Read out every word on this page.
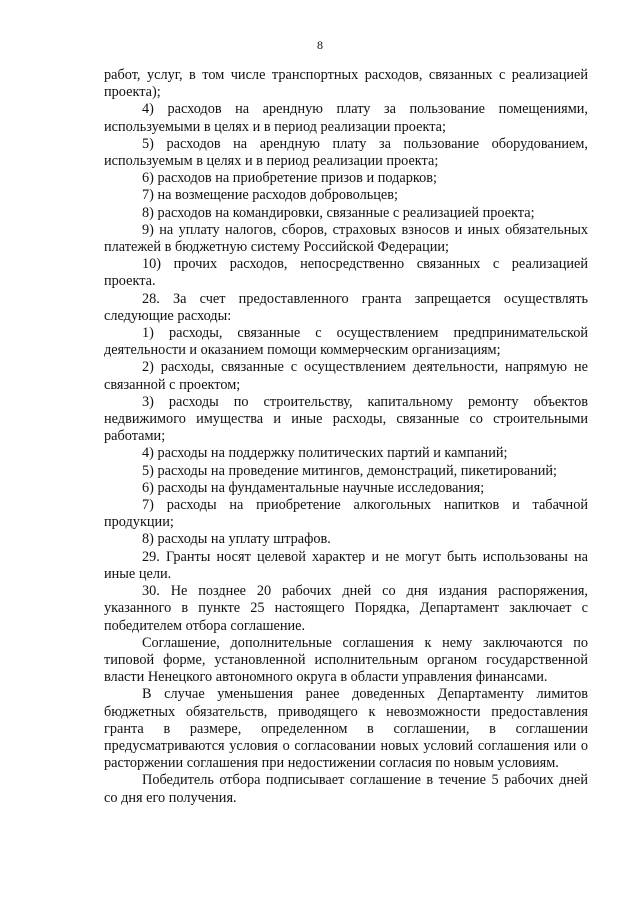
8

работ, услуг, в том числе транспортных расходов, связанных с реализацией проекта);

4) расходов на арендную плату за пользование помещениями, используемыми в целях и в период реализации проекта;

5) расходов на арендную плату за пользование оборудованием, используемым в целях и в период реализации проекта;

6) расходов на приобретение призов и подарков;

7) на возмещение расходов добровольцев;

8) расходов на командировки, связанные с реализацией проекта;

9) на уплату налогов, сборов, страховых взносов и иных обязательных платежей в бюджетную систему Российской Федерации;

10) прочих расходов, непосредственно связанных с реализацией проекта.

28. За счет предоставленного гранта запрещается осуществлять следующие расходы:

1) расходы, связанные с осуществлением предпринимательской деятельности и оказанием помощи коммерческим организациям;

2) расходы, связанные с осуществлением деятельности, напрямую не связанной с проектом;

3) расходы по строительству, капитальному ремонту объектов недвижимого имущества и иные расходы, связанные со строительными работами;

4) расходы на поддержку политических партий и кампаний;

5) расходы на проведение митингов, демонстраций, пикетирований;

6) расходы на фундаментальные научные исследования;

7) расходы на приобретение алкогольных напитков и табачной продукции;

8) расходы на уплату штрафов.

29. Гранты носят целевой характер и не могут быть использованы на иные цели.

30. Не позднее 20 рабочих дней со дня издания распоряжения, указанного в пункте 25 настоящего Порядка, Департамент заключает с победителем отбора соглашение.

Соглашение, дополнительные соглашения к нему заключаются по типовой форме, установленной исполнительным органом государственной власти Ненецкого автономного округа в области управления финансами.

В случае уменьшения ранее доведенных Департаменту лимитов бюджетных обязательств, приводящего к невозможности предоставления гранта в размере, определенном в соглашении, в соглашении предусматриваются условия о согласовании новых условий соглашения или о расторжении соглашения при недостижении согласия по новым условиям.

Победитель отбора подписывает соглашение в течение 5 рабочих дней со дня его получения.
